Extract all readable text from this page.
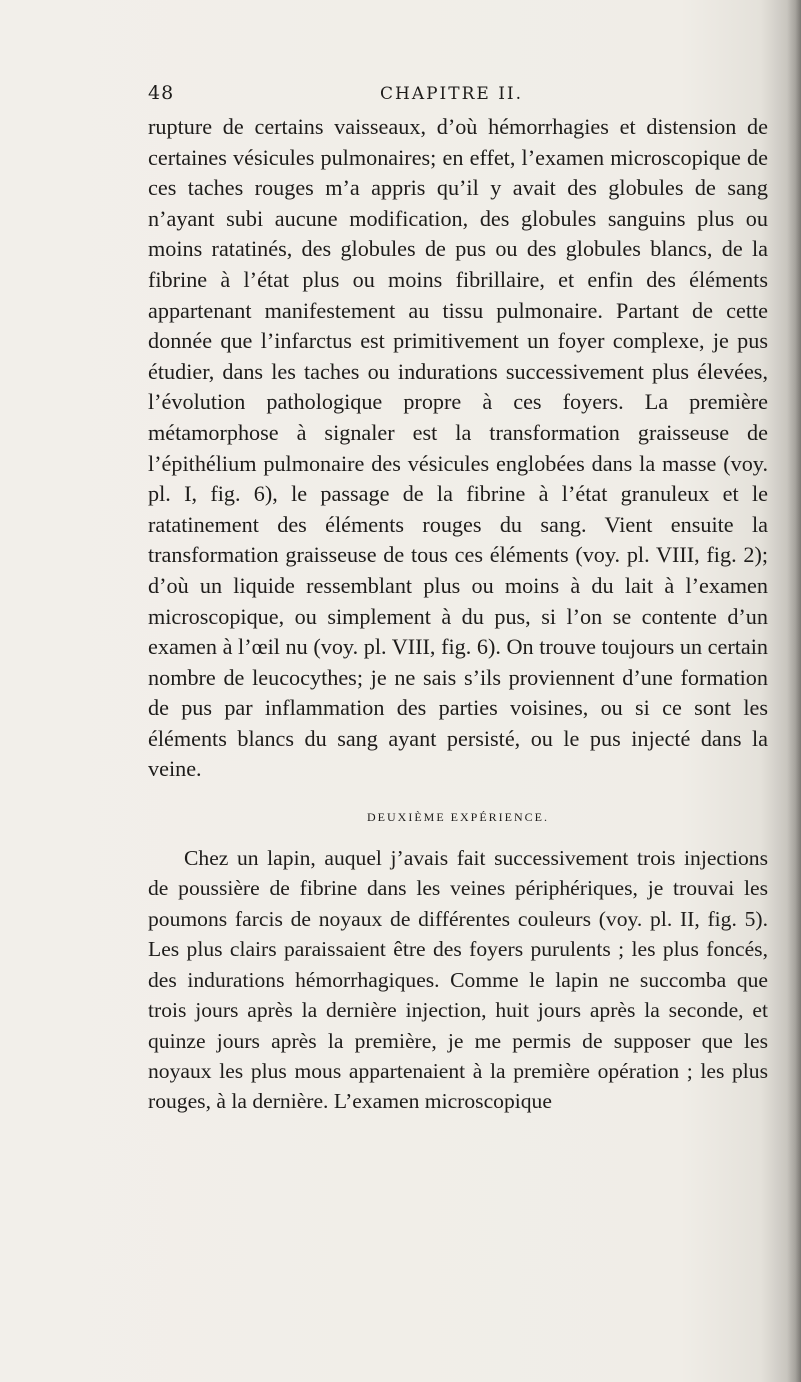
48	CHAPITRE II.

rupture de certains vaisseaux, d’où hémorrhagies et distension de certaines vésicules pulmonaires; en effet, l’examen microscopique de ces taches rouges m’a appris qu’il y avait des globules de sang n’ayant subi aucune modification, des globules sanguins plus ou moins ratatinés, des globules de pus ou des globules blancs, de la fibrine à l’état plus ou moins fibrillaire, et enfin des éléments appartenant manifestement au tissu pulmonaire. Partant de cette donnée que l’infarctus est primitivement un foyer complexe, je pus étudier, dans les taches ou indurations successivement plus élevées, l’évolution pathologique propre à ces foyers. La première métamorphose à signaler est la transformation graisseuse de l’épithélium pulmonaire des vésicules englobées dans la masse (voy. pl. I, fig. 6), le passage de la fibrine à l’état granuleux et le ratatinement des éléments rouges du sang. Vient ensuite la transformation graisseuse de tous ces éléments (voy. pl. VIII, fig. 2); d’où un liquide ressemblant plus ou moins à du lait à l’examen microscopique, ou simplement à du pus, si l’on se contente d’un examen à l’œil nu (voy. pl. VIII, fig. 6). On trouve toujours un certain nombre de leucocythes; je ne sais s’ils proviennent d’une formation de pus par inflammation des parties voisines, ou si ce sont les éléments blancs du sang ayant persisté, ou le pus injecté dans la veine.

DEUXIÈME EXPÉRIENCE.

Chez un lapin, auquel j’avais fait successivement trois injections de poussière de fibrine dans les veines périphériques, je trouvai les poumons farcis de noyaux de différentes couleurs (voy. pl. II, fig. 5). Les plus clairs paraissaient être des foyers purulents ; les plus foncés, des indurations hémorrhagiques. Comme le lapin ne succomba que trois jours après la dernière injection, huit jours après la seconde, et quinze jours après la première, je me permis de supposer que les noyaux les plus mous appartenaient à la première opération ; les plus rouges, à la dernière. L’examen microscopique
